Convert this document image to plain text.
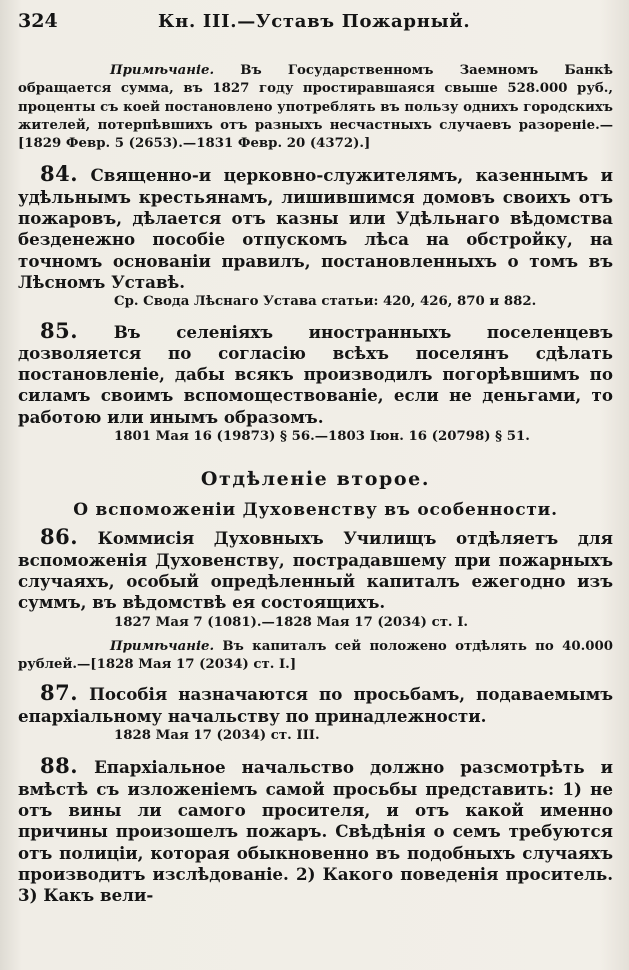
324	Кн. III.—Уставъ Пожарный.

Примѣчаніе. Въ Государственномъ Заемномъ Банкѣ обращается сумма, въ 1827 году простиравшаяся свыше 528.000 руб., проценты съ коей постановлено употреблять въ пользу однихъ городскихъ жителей, потерпѣвшихъ отъ разныхъ несчастныхъ случаевъ разореніе.— [1829 Февр. 5 (2653).—1831 Февр. 20 (4372).]

84. Священно-и церковно-служителямъ, казеннымъ и удѣльнымъ крестьянамъ, лишившимся домовъ своихъ отъ пожаровъ, дѣлается отъ казны или Удѣльнаго вѣдомства безденежно пособіе отпускомъ лѣса на обстройку, на точномъ основаніи правилъ, постановленныхъ о томъ въ Лѣсномъ Уставѣ.

Ср. Свода Лѣснаго Устава статьи: 420, 426, 870 и 882.

85. Въ селеніяхъ иностранныхъ поселенцевъ дозволяется по согласію всѣхъ поселянъ сдѣлать постановленіе, дабы всякъ производилъ погорѣвшимъ по силамъ своимъ вспомоществованіе, если не деньгами, то работою или инымъ образомъ.

1801 Мая 16 (19873) § 56.—1803 Іюн. 16 (20798) § 51.

Отдѣленіе второе.
О вспоможеніи Духовенству въ особенности.

86. Коммисія Духовныхъ Училищъ отдѣляетъ для вспоможенія Духовенству, пострадавшему при пожарныхъ случаяхъ, особый опредѣленный капиталъ ежегодно изъ суммъ, въ вѣдомствѣ ея состоящихъ.

1827 Мая 7 (1081).—1828 Мая 17 (2034) ст. I.

Примѣчаніе. Въ капиталъ сей положено отдѣлять по 40.000 рублей.—[1828 Мая 17 (2034) ст. I.]

87. Пособія назначаются по просьбамъ, подаваемымъ епархіальному начальству по принадлежности.

1828 Мая 17 (2034) ст. III.

88. Епархіальное начальство должно разсмотрѣть и вмѣстѣ съ изложеніемъ самой просьбы представить: 1) не отъ вины ли самого просителя, и отъ какой именно причины произошелъ пожаръ. Свѣдѣнія о семъ требуются отъ полиціи, которая обыкновенно въ подобныхъ случаяхъ производитъ изслѣдованіе. 2) Какого поведенія проситель. 3) Какъ вели-
